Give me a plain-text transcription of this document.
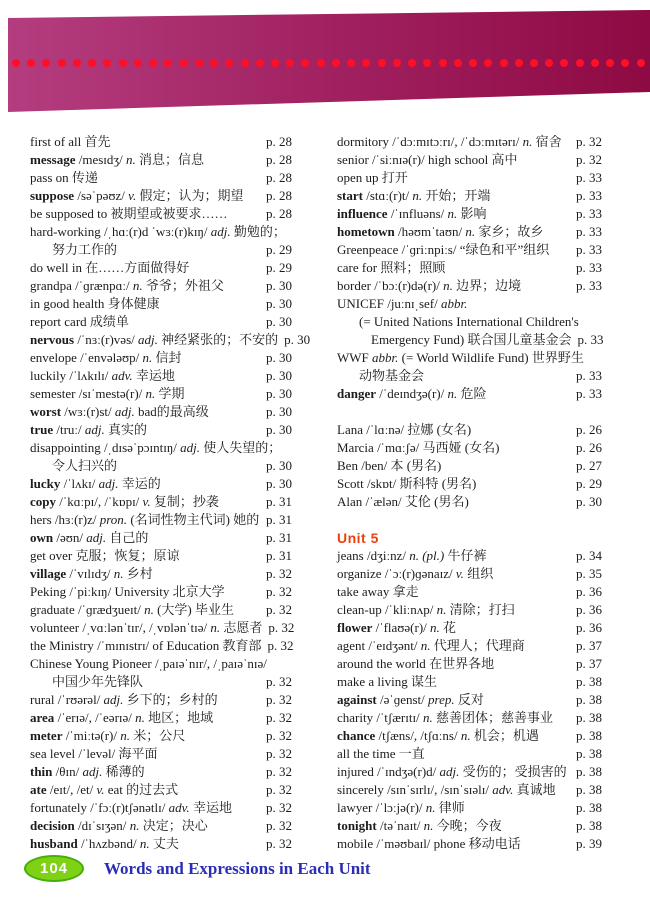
first of all 首先	p. 28
message /mesɪdʒ/ n. 消息；信息	p. 28
pass on 传递	p. 28
suppose /səˈpəʊz/ v. 假定；认为；期望	p. 28
be supposed to 被期望或被要求……	p. 28
hard-working /ˌhɑː(r)d ˈwɜː(r)kɪŋ/ adj. 勤勉的；
努力工作的	p. 29
do well in 在……方面做得好	p. 29
grandpa /ˈɡrænpɑː/ n. 爷爷；外祖父	p. 30
in good health 身体健康	p. 30
report card 成绩单	p. 30
nervous /ˈnɜː(r)vəs/ adj. 神经紧张的；不安的 p. 30
envelope /ˈenvələʊp/ n. 信封	p. 30
luckily /ˈlʌkɪlɪ/ adv. 幸运地	p. 30
semester /sɪˈmestə(r)/ n. 学期	p. 30
worst /wɜː(r)st/ adj. bad的最高级	p. 30
true /truː/ adj. 真实的	p. 30
disappointing /ˌdɪsəˈpɔɪntɪŋ/ adj. 使人失望的；
令人扫兴的	p. 30
lucky /ˈlʌkɪ/ adj. 幸运的	p. 30
copy /ˈkɑːpɪ/, /ˈkɒpɪ/ v. 复制；抄袭	p. 31
hers /hɜː(r)z/ pron. (名词性物主代词) 她的 p. 31
own /əʊn/ adj. 自己的	p. 31
get over 克服；恢复；原谅	p. 31
village /ˈvɪlɪdʒ/ n. 乡村	p. 32
Peking /ˈpiːkɪŋ/ University 北京大学	p. 32
graduate /ˈɡrædʒueɪt/ n. (大学) 毕业生	p. 32
volunteer /ˌvɑːlənˈtɪr/, /ˌvɒlənˈtɪə/ n. 志愿者 p. 32
the Ministry /ˈmɪnɪstrɪ/ of Education 教育部 p. 32
Chinese Young Pioneer /ˌpaɪəˈnɪr/, /ˌpaɪəˈnɪə/
中国少年先锋队	p. 32
rural /ˈrʊərəl/ adj. 乡下的；乡村的	p. 32
area /ˈerɪə/, /ˈeərɪə/ n. 地区；地域	p. 32
meter /ˈmiːtə(r)/ n. 米；公尺	p. 32
sea level /ˈlevəl/ 海平面	p. 32
thin /θɪn/ adj. 稀薄的	p. 32
ate /eɪt/, /et/ v. eat 的过去式	p. 32
fortunately /ˈfɔː(r)tʃənətlɪ/ adv. 幸运地	p. 32
decision /dɪˈsɪʒən/ n. 决定；决心	p. 32
husband /ˈhʌzbənd/ n. 丈夫	p. 32
dormitory /ˈdɔːmɪtɔːrɪ/, /ˈdɔːmɪtərɪ/ n. 宿舍	p. 32
senior /ˈsiːnɪə(r)/ high school 高中	p. 32
open up 打开	p. 33
start /stɑː(r)t/ n. 开始；开端	p. 33
influence /ˈɪnfluəns/ n. 影响	p. 33
hometown /həʊmˈtaʊn/ n. 家乡；故乡	p. 33
Greenpeace /ˈɡriːnpiːs/ “绿色和平”组织	p. 33
care for 照料；照顾	p. 33
border /ˈbɔː(r)də(r)/ n. 边界；边境	p. 33
UNICEF /juːnɪˌsef/ abbr.
(= United Nations International Children's
Emergency Fund) 联合国儿童基金会 p. 33
WWF abbr. (= World Wildlife Fund) 世界野生
动物基金会	p. 33
danger /ˈdeɪndʒə(r)/ n. 危险	p. 33
Lana /ˈlɑːnə/ 拉娜 (女名)	p. 26
Marcia /ˈmɑːʃə/ 马西娅 (女名)	p. 26
Ben /ben/ 本 (男名)	p. 27
Scott /skɒt/ 斯科特 (男名)	p. 29
Alan /ˈælən/ 艾伦 (男名)	p. 30
Unit 5
jeans /dʒiːnz/ n. (pl.) 牛仔裤	p. 34
organize /ˈɔː(r)ɡənaɪz/ v. 组织	p. 35
take away 拿走	p. 36
clean-up /ˈkliːnʌp/ n. 清除；打扫	p. 36
flower /ˈflaʊə(r)/ n. 花	p. 36
agent /ˈeɪdʒənt/ n. 代理人；代理商	p. 37
around the world 在世界各地	p. 37
make a living 谋生	p. 38
against /əˈɡenst/ prep. 反对	p. 38
charity /ˈtʃærɪtɪ/ n. 慈善团体；慈善事业	p. 38
chance /tʃæns/, /tʃɑːns/ n. 机会；机遇	p. 38
all the time 一直	p. 38
injured /ˈɪndʒə(r)d/ adj. 受伤的；受损害的 p. 38
sincerely /sɪnˈsɪrlɪ/, /sɪnˈsɪəlɪ/ adv. 真诚地	p. 38
lawyer /ˈlɔːjə(r)/ n. 律师	p. 38
tonight /təˈnaɪt/ n. 今晚；今夜	p. 38
mobile /ˈməʊbaɪl/ phone 移动电话	p. 39
104 Words and Expressions in Each Unit
